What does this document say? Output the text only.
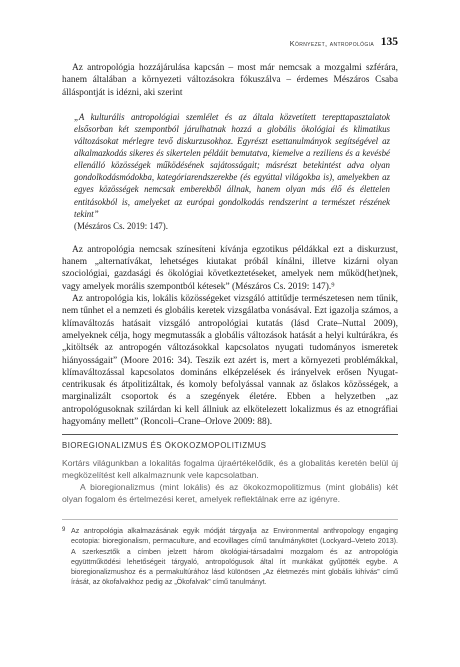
Környezet, antropológia 135

Az antropológia hozzájárulása kapcsán – most már nemcsak a mozgalmi szférára, hanem általában a környezeti változásokra fókuszálva – érdemes Mészáros Csaba álláspontját is idézni, aki szerint

„A kulturális antropológiai szemlélet és az általa közvetített terepttapasztalatok elsősorban két szempontból járulhatnak hozzá a globális ökológiai és klimatikus változásokat mérlegre tevő diskurzusokhoz. Egyrészt esettanulmányok segítségével az alkalmazkodás sikeres és sikertelen példáit bemutatva, kiemelve a reziliens és a kevésbé ellenálló közösségek működésének sajátosságait; másrészt betekintést adva olyan gondolkodásmódokba, kategóriarendszerekbe (és egyúttal világokba is), amelyekben az egyes közösségek nemcsak emberekből állnak, hanem olyan más élő és élettelen entitásokból is, amelyeket az európai gondolkodás rendszerint a természet részének tekint”
(Mészáros Cs. 2019: 147).

Az antropológia nemcsak színesíteni kívánja egzotikus példákkal ezt a diskurzust, hanem „alternatívákat, lehetséges kiutakat próbál kínálni, illetve kizárni olyan szociológiai, gazdasági és ökológiai következtetéseket, amelyek nem működ(het)nek, vagy amelyek morális szempontból kétesek” (Mészáros Cs. 2019: 147).⁹

Az antropológia kis, lokális közösségeket vizsgáló attitűdje természetesen nem tűnik, nem tűnhet el a nemzeti és globális keretek vizsgálatba vonásával. Ezt igazolja számos, a klímaváltozás hatásait vizsgáló antropológiai kutatás (lásd Crate–Nuttal 2009), amelyeknek célja, hogy megmutassák a globális változások hatását a helyi kultúrákra, és „kitöltsék az antropogén változásokkal kapcsolatos nyugati tudományos ismeretek hiányosságait” (Moore 2016: 34). Teszik ezt azért is, mert a környezeti problémákkal, klímaváltozással kapcsolatos domináns elképzelések és irányelvek erősen Nyugat-centrikusak és átpolitizáltak, és komoly befolyással vannak az őslakos közösségek, a marginalizált csoportok és a szegények életére. Ebben a helyzetben „az antropológusoknak szilárdan ki kell állniuk az elkötelezett lokalizmus és az etnográfiai hagyomány mellett” (Roncoli–Crane–Orlove 2009: 88).

BIOREGIONALIZMUS ÉS ÖKOKOZMOPOLITIZMUS

Kortárs világunkban a lokalitás fogalma újraértékelődik, és a globalitás keretén belül új megközelítést kell alkalmaznunk vele kapcsolatban.

A bioregionalizmus (mint lokális) és az ökokozmopolitizmus (mint globális) két olyan fogalom és értelmezési keret, amelyek reflektálnak erre az igényre.

9 Az antropológia alkalmazásának egyik módját tárgyalja az Environmental anthropology engaging ecotopia: bioregionalism, permaculture, and ecovillages című tanulmánykötet (Lockyard–Veteto 2013). A szerkesztők a címben jelzett három ökológiai-társadalmi mozgalom és az antropológia együttműködési lehetőségeit tárgyaló, antropológusok által írt munkákat gyűjtötték egybe. A bioregionalizmushoz és a permakultúrához lásd különösen „Az életmezés mint globális kihívás” című írását, az ökofalvakhoz pedig az „Ökofalvak” című tanulmányt.
